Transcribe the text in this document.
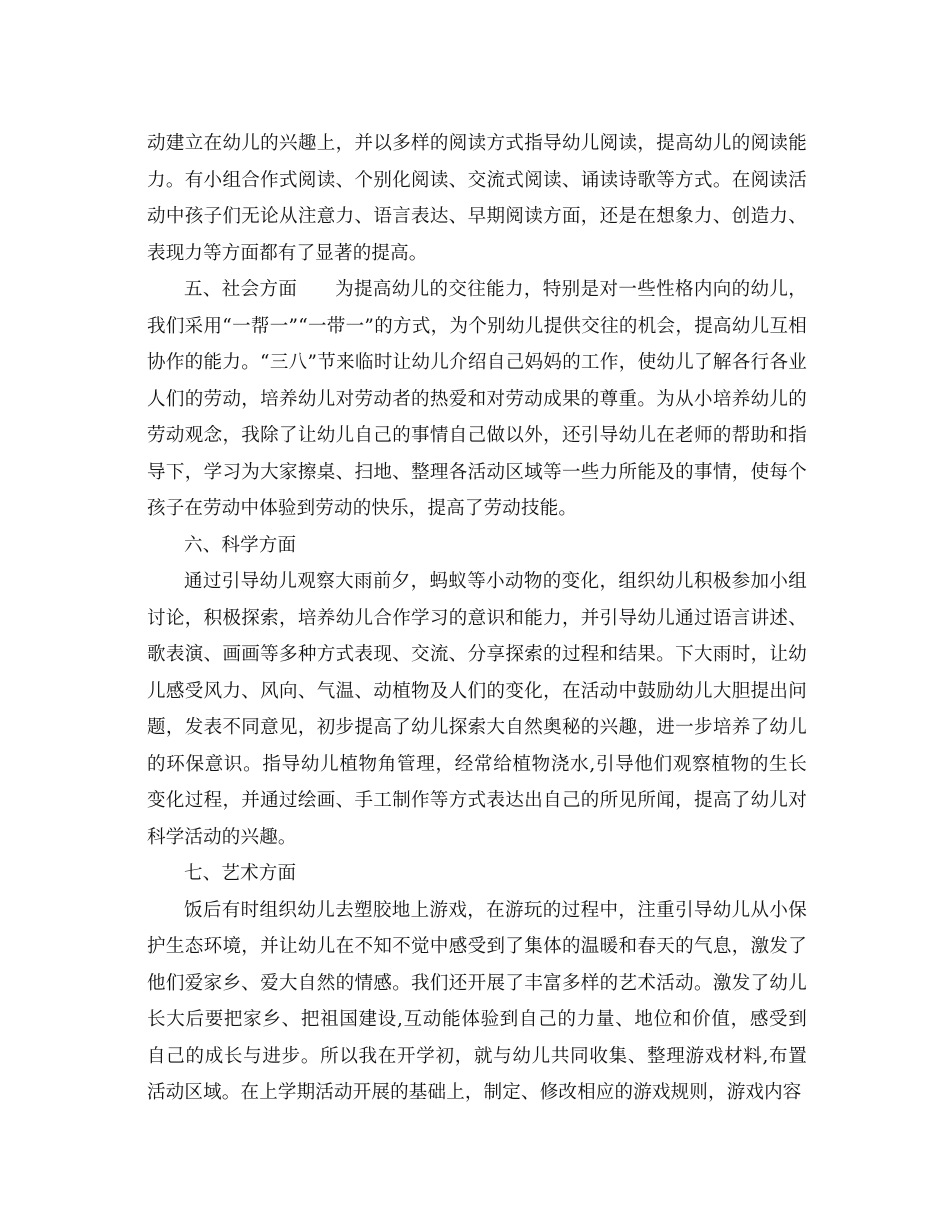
动建立在幼儿的兴趣上，并以多样的阅读方式指导幼儿阅读，提高幼儿的阅读能力。有小组合作式阅读、个别化阅读、交流式阅读、诵读诗歌等方式。在阅读活动中孩子们无论从注意力、语言表达、早期阅读方面，还是在想象力、创造力、表现力等方面都有了显著的提高。

五、社会方面　　为提高幼儿的交往能力，特别是对一些性格内向的幼儿，我们采用“一帮一”“一带一”的方式，为个别幼儿提供交往的机会，提高幼儿互相协作的能力。“三八”节来临时让幼儿介绍自己妈妈的工作，使幼儿了解各行各业人们的劳动，培养幼儿对劳动者的热爱和对劳动成果的尊重。为从小培养幼儿的劳动观念，我除了让幼儿自己的事情自己做以外，还引导幼儿在老师的帮助和指导下，学习为大家擦桌、扫地、整理各活动区域等一些力所能及的事情，使每个孩子在劳动中体验到劳动的快乐，提高了劳动技能。

六、科学方面

通过引导幼儿观察大雨前夕，蚂蚁等小动物的变化，组织幼儿积极参加小组讨论，积极探索，培养幼儿合作学习的意识和能力，并引导幼儿通过语言讲述、歌表演、画画等多种方式表现、交流、分享探索的过程和结果。下大雨时，让幼儿感受风力、风向、气温、动植物及人们的变化，在活动中鼓励幼儿大胆提出问题，发表不同意见，初步提高了幼儿探索大自然奥秘的兴趣，进一步培养了幼儿的环保意识。指导幼儿植物角管理，经常给植物浇水,引导他们观察植物的生长变化过程，并通过绘画、手工制作等方式表达出自己的所见所闻，提高了幼儿对科学活动的兴趣。

七、艺术方面

饭后有时组织幼儿去塑胶地上游戏，在游玩的过程中，注重引导幼儿从小保护生态环境，并让幼儿在不知不觉中感受到了集体的温暖和春天的气息，激发了他们爱家乡、爱大自然的情感。我们还开展了丰富多样的艺术活动。激发了幼儿长大后要把家乡、把祖国建设,互动能体验到自己的力量、地位和价值，感受到自己的成长与进步。所以我在开学初，就与幼儿共同收集、整理游戏材料,布置活动区域。在上学期活动开展的基础上，制定、修改相应的游戏规则，游戏内容
